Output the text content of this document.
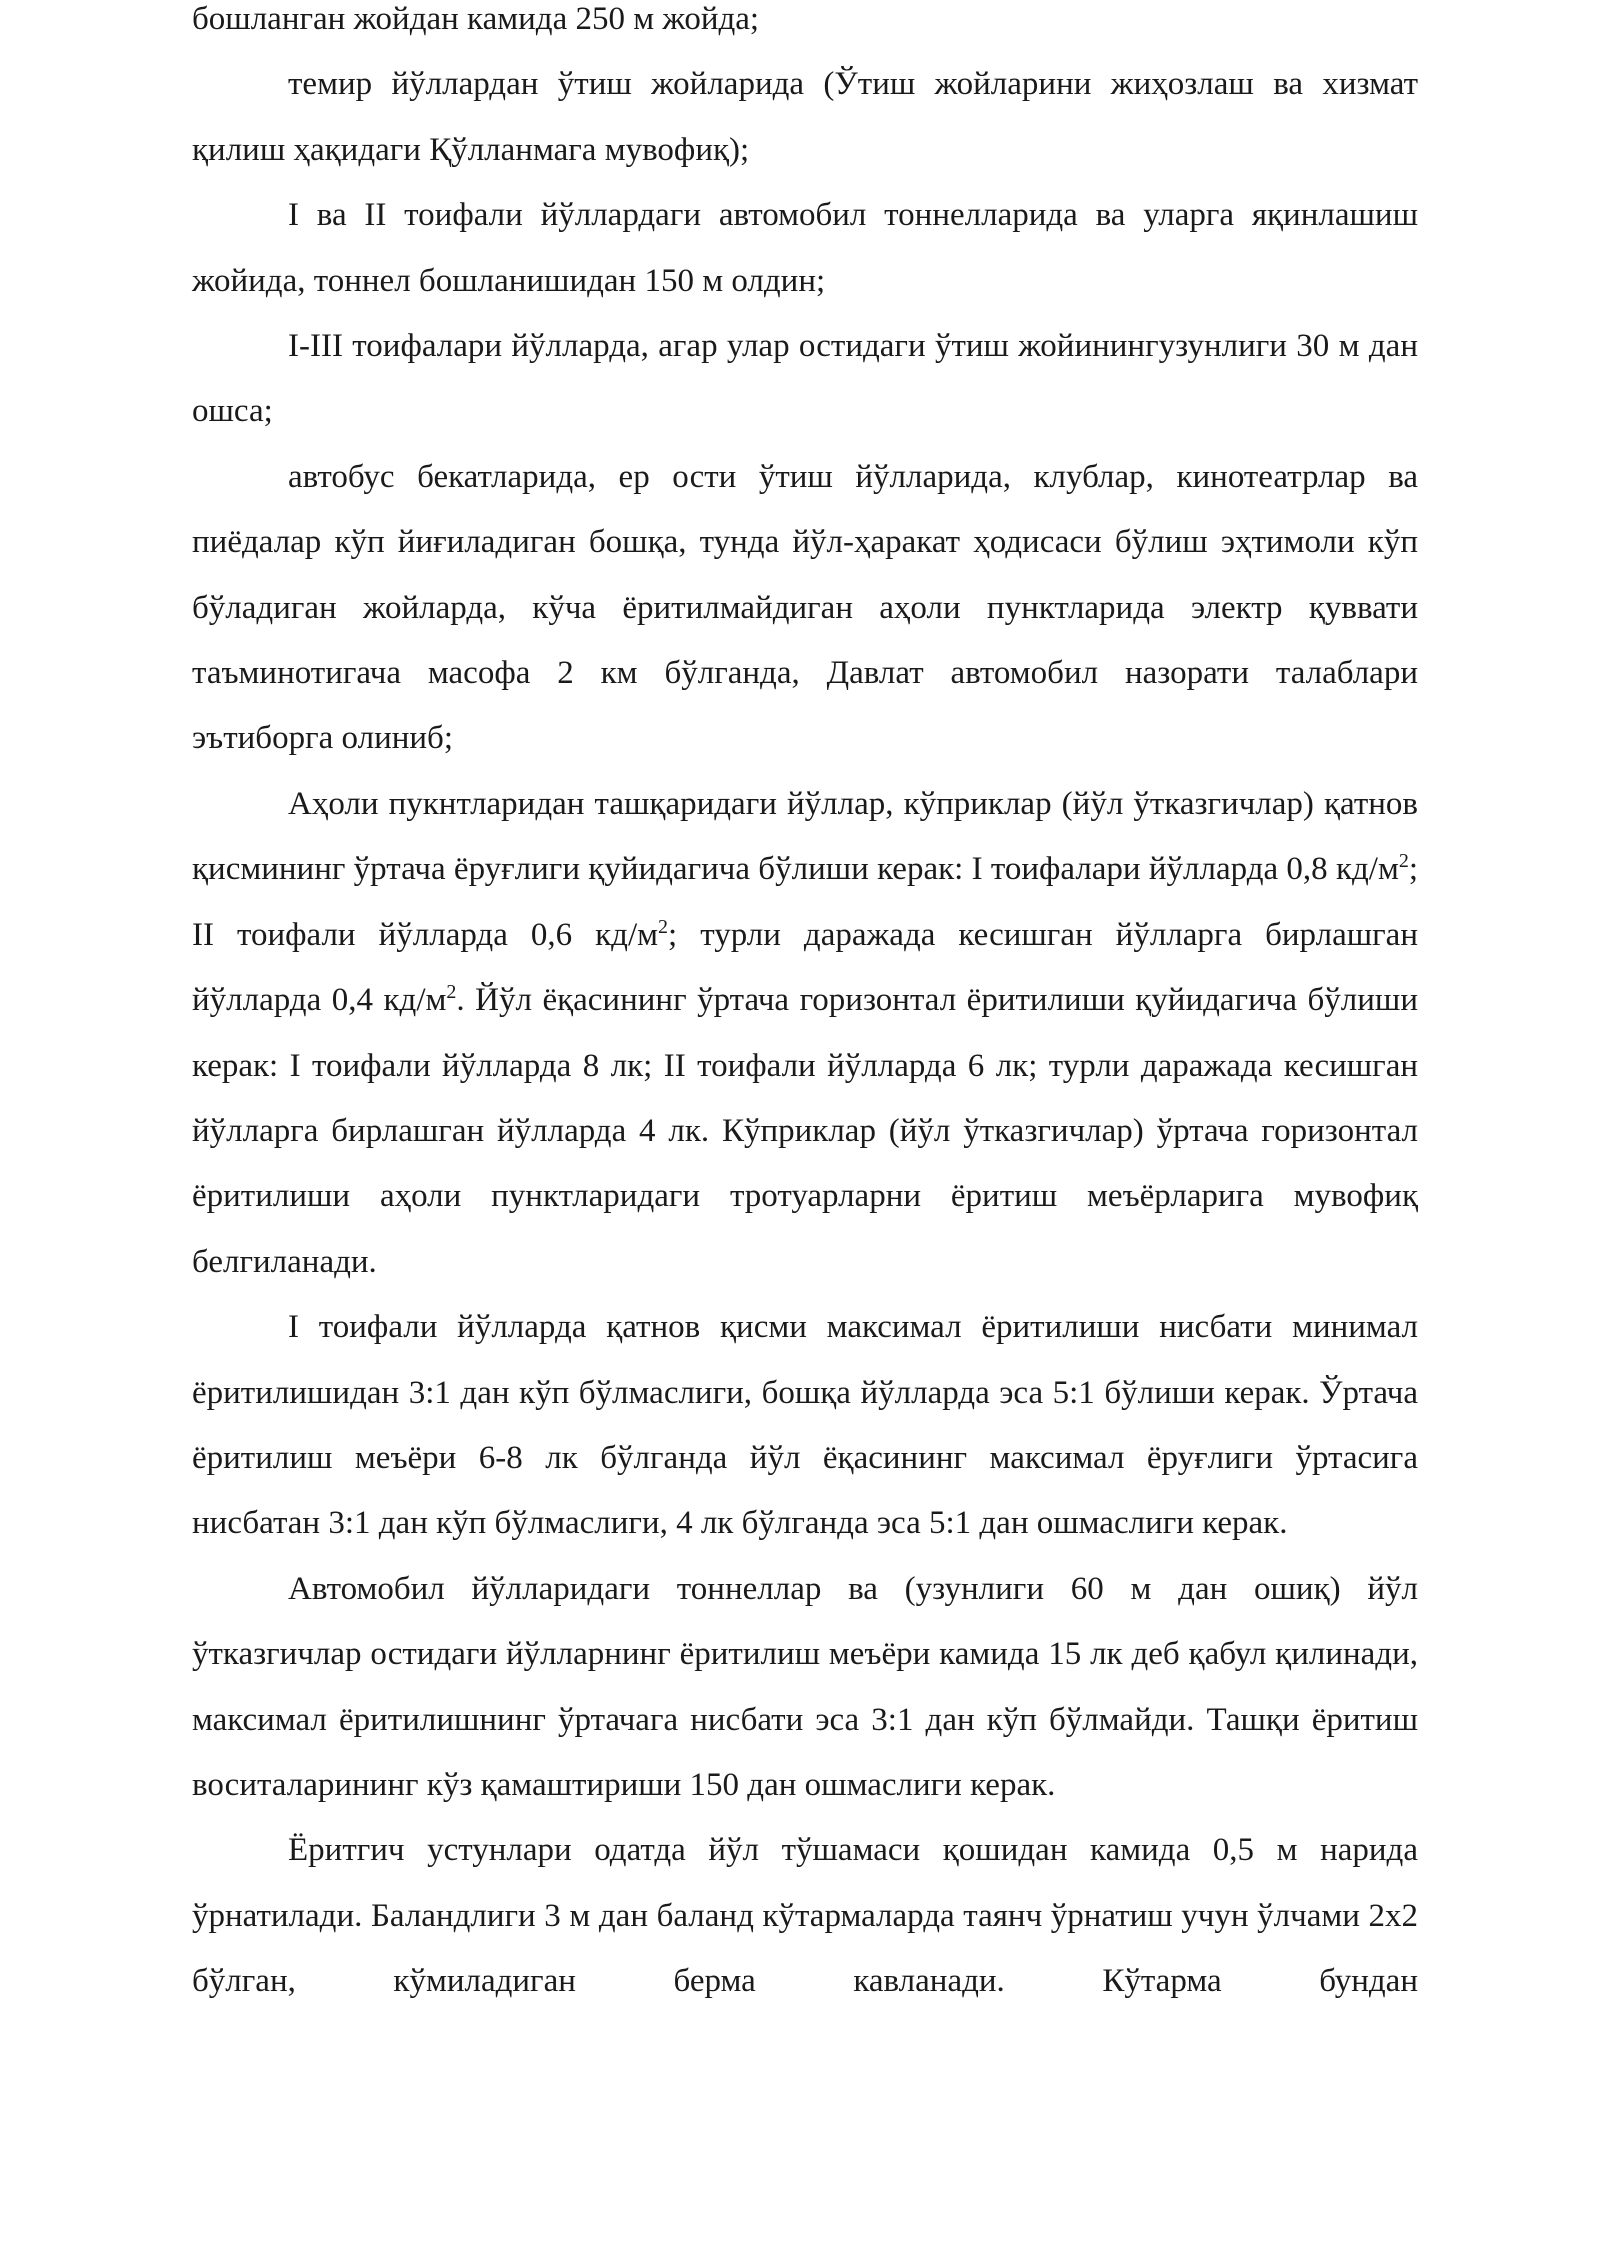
бошланган жойдан камида 250 м жойда;

темир йўллардан ўтиш жойларида (Ўтиш жойларини жиҳозлаш ва хизмат қилиш ҳақидаги Қўлланмага мувофиқ);

I ва II тоифали йўллардаги автомобил тоннелларида ва уларга яқинлашиш жойида, тоннел бошланишидан 150 м олдин;

I-III тоифалари йўлларда, агар улар остидаги ўтиш жойинингузунлиги 30 м дан ошса;

автобус бекатларида, ер ости ўтиш йўлларида, клублар, кинотеатрлар ва пиёдалар кўп йиғиладиган бошқа, тунда йўл-ҳаракат ҳодисаси бўлиш эҳтимоли кўп бўладиган жойларда, кўча ёритилмайдиган аҳоли пунктларида электр қуввати таъминотигача масофа 2 км бўлганда, Давлат автомобил назорати талаблари эътиборга олиниб;

Аҳоли пукнтларидан ташқаридаги йўллар, кўприклар (йўл ўтказгичлар) қатнов қисмининг ўртача ёруғлиги қуйидагича бўлиши керак: I тоифалари йўлларда 0,8 $кд/м^2$; II тоифали йўлларда 0,6 $кд/м^2$; турли даражада кесишган йўлларга бирлашган йўлларда 0,4 $кд/м^2$. Йўл ёқасининг ўртача горизонтал ёритилиши қуйидагича бўлиши керак: I тоифали йўлларда 8 лк; II тоифали йўлларда 6 лк; турли даражада кесишган йўлларга бирлашган йўлларда 4 лк. Кўприклар (йўл ўтказгичлар) ўртача горизонтал ёритилиши аҳоли пунктларидаги тротуарларни ёритиш меъёрларига мувофиқ белгиланади.

I тоифали йўлларда қатнов қисми максимал ёритилиши нисбати минимал ёритилишидан 3:1 дан кўп бўлмаслиги, бошқа йўлларда эса 5:1 бўлиши керак. Ўртача ёритилиш меъёри 6-8 лк бўлганда йўл ёқасининг максимал ёруғлиги ўртасига нисбатан 3:1 дан кўп бўлмаслиги, 4 лк бўлганда эса 5:1 дан ошмаслиги керак.

Автомобил йўлларидаги тоннеллар ва (узунлиги 60 м дан ошиқ) йўл ўтказгичлар остидаги йўлларнинг ёритилиш меъёри камида 15 лк деб қабул қилинади, максимал ёритилишнинг ўртачага нисбати эса 3:1 дан кўп бўлмайди. Ташқи ёритиш воситаларининг кўз қамаштириши 150 дан ошмаслиги керак.

Ёритгич устунлари одатда йўл тўшамаси қошидан камида 0,5 м нарида ўрнатилади. Баландлиги 3 м дан баланд кўтармаларда таянч ўрнатиш учун ўлчами 2x2 бўлган, кўмиладиган берма кавланади. Кўтарма бундан
